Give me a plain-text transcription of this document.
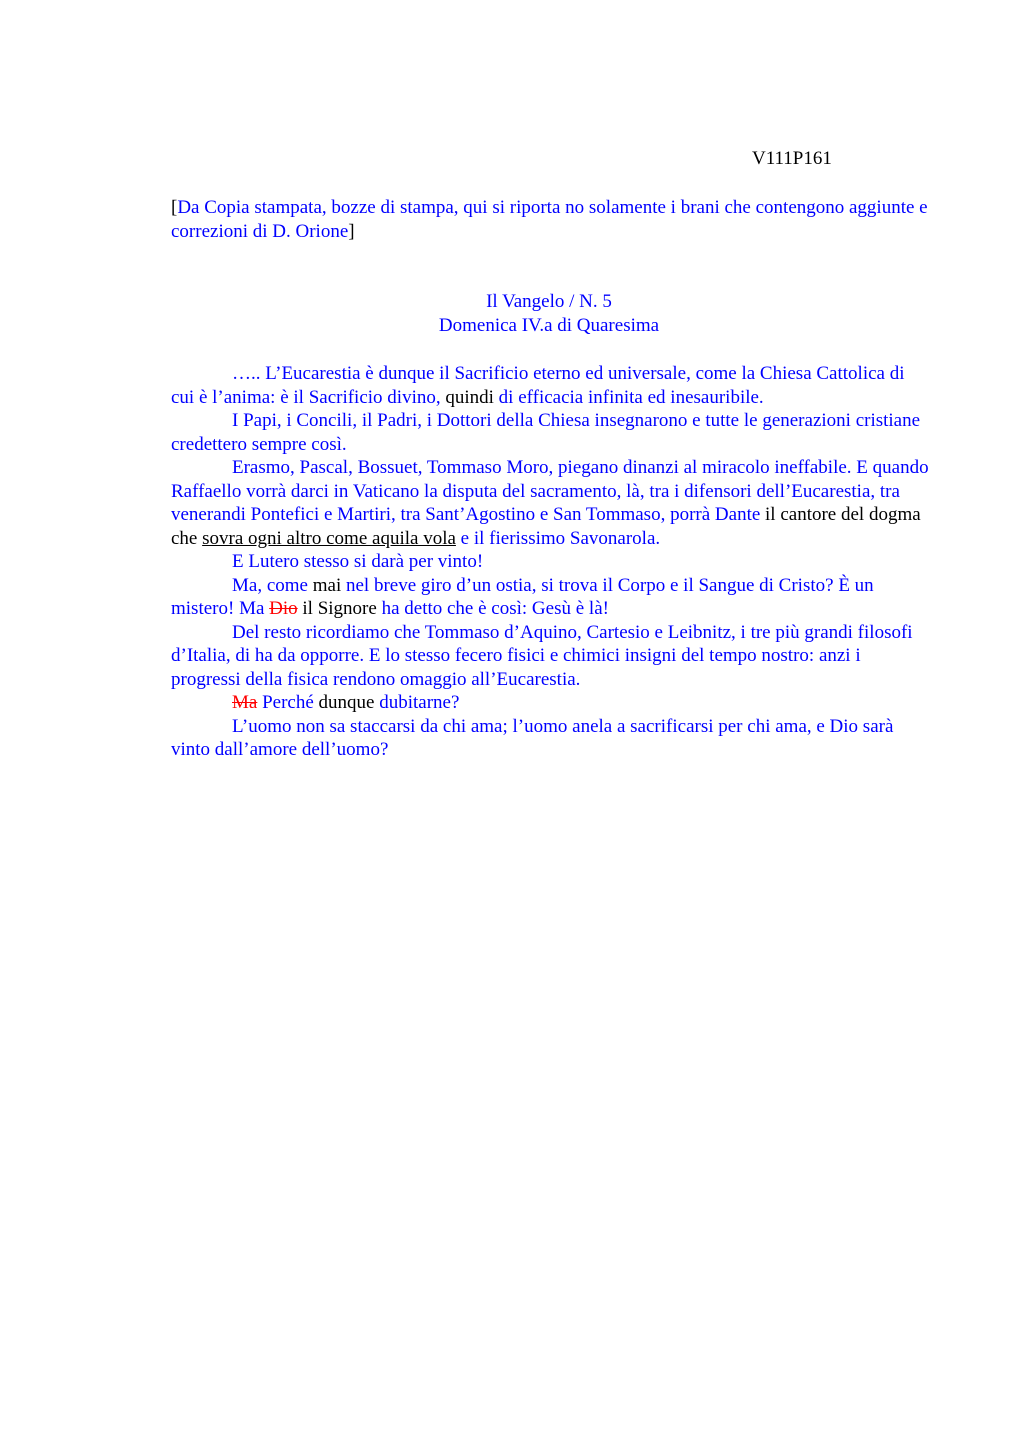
V111P161
[Da Copia stampata, bozze di stampa, qui si riporta no solamente i brani che contengono aggiunte e correzioni di D. Orione]
Il Vangelo / N. 5
Domenica IV.a di Quaresima

….. L’Eucarestia è dunque il Sacrificio eterno ed universale, come la Chiesa Cattolica di cui è l’anima: è il Sacrificio divino, quindi di efficacia infinita ed inesauribile.

I Papi, i Concili, il Padri, i Dottori della Chiesa insegnarono e tutte le generazioni cristiane credettero sempre così.

Erasmo, Pascal, Bossuet, Tommaso Moro, piegano dinanzi al miracolo ineffabile. E quando Raffaello vorrà darci in Vaticano la disputa del sacramento, là, tra i difensori dell’Eucarestia, tra venerandi Pontefici e Martiri, tra Sant’Agostino e San Tommaso, porrà Dante il cantore del dogma che sovra ogni altro come aquila vola e il fierissimo Savonarola.

E Lutero stesso si darà per vinto!

Ma, come mai nel breve giro d’un ostia, si trova il Corpo e il Sangue di Cristo? È un mistero! Ma Dio il Signore ha detto che è così: Gesù è là!

Del resto ricordiamo che Tommaso d’Aquino, Cartesio e Leibnitz, i tre più grandi filosofi d’Italia, di ha da opporre. E lo stesso fecero fisici e chimici insigni del tempo nostro: anzi i progressi della fisica rendono omaggio all’Eucarestia.

Ma Perché dunque dubitarne?

L’uomo non sa staccarsi da chi ama; l’uomo anela a sacrificarsi per chi ama, e Dio sarà vinto dall’amore dell’uomo?
